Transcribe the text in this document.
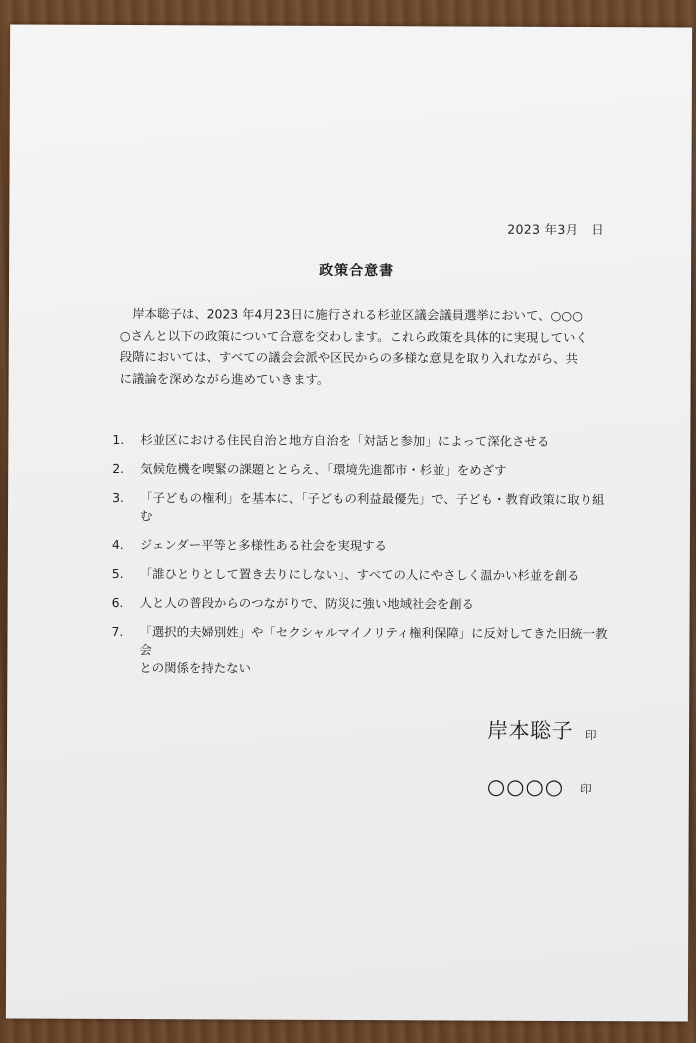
2023 年3月　日
政策合意書
岸本聡子は、2023 年4月23日に施行される杉並区議会議員選挙において、○○○○さんと以下の政策について合意を交わします。これら政策を具体的に実現していく段階においては、すべての議会会派や区民からの多様な意見を取り入れながら、共に議論を深めながら進めていきます。
1.	杉並区における住民自治と地方自治を「対話と参加」によって深化させる
2.	気候危機を喫緊の課題ととらえ、「環境先進都市・杉並」をめざす
3.	「子どもの権利」を基本に、「子どもの利益最優先」で、子ども・教育政策に取り組む
4.	ジェンダー平等と多様性ある社会を実現する
5.	「誰ひとりとして置き去りにしない」、すべての人にやさしく温かい杉並を創る
6.	人と人の普段からのつながりで、防災に強い地域社会を創る
7.	「選択的夫婦別姓」や「セクシャルマイノリティ権利保障」に反対してきた旧統一教会
との関係を持たない
岸本聡子 印
○○○○ 印
